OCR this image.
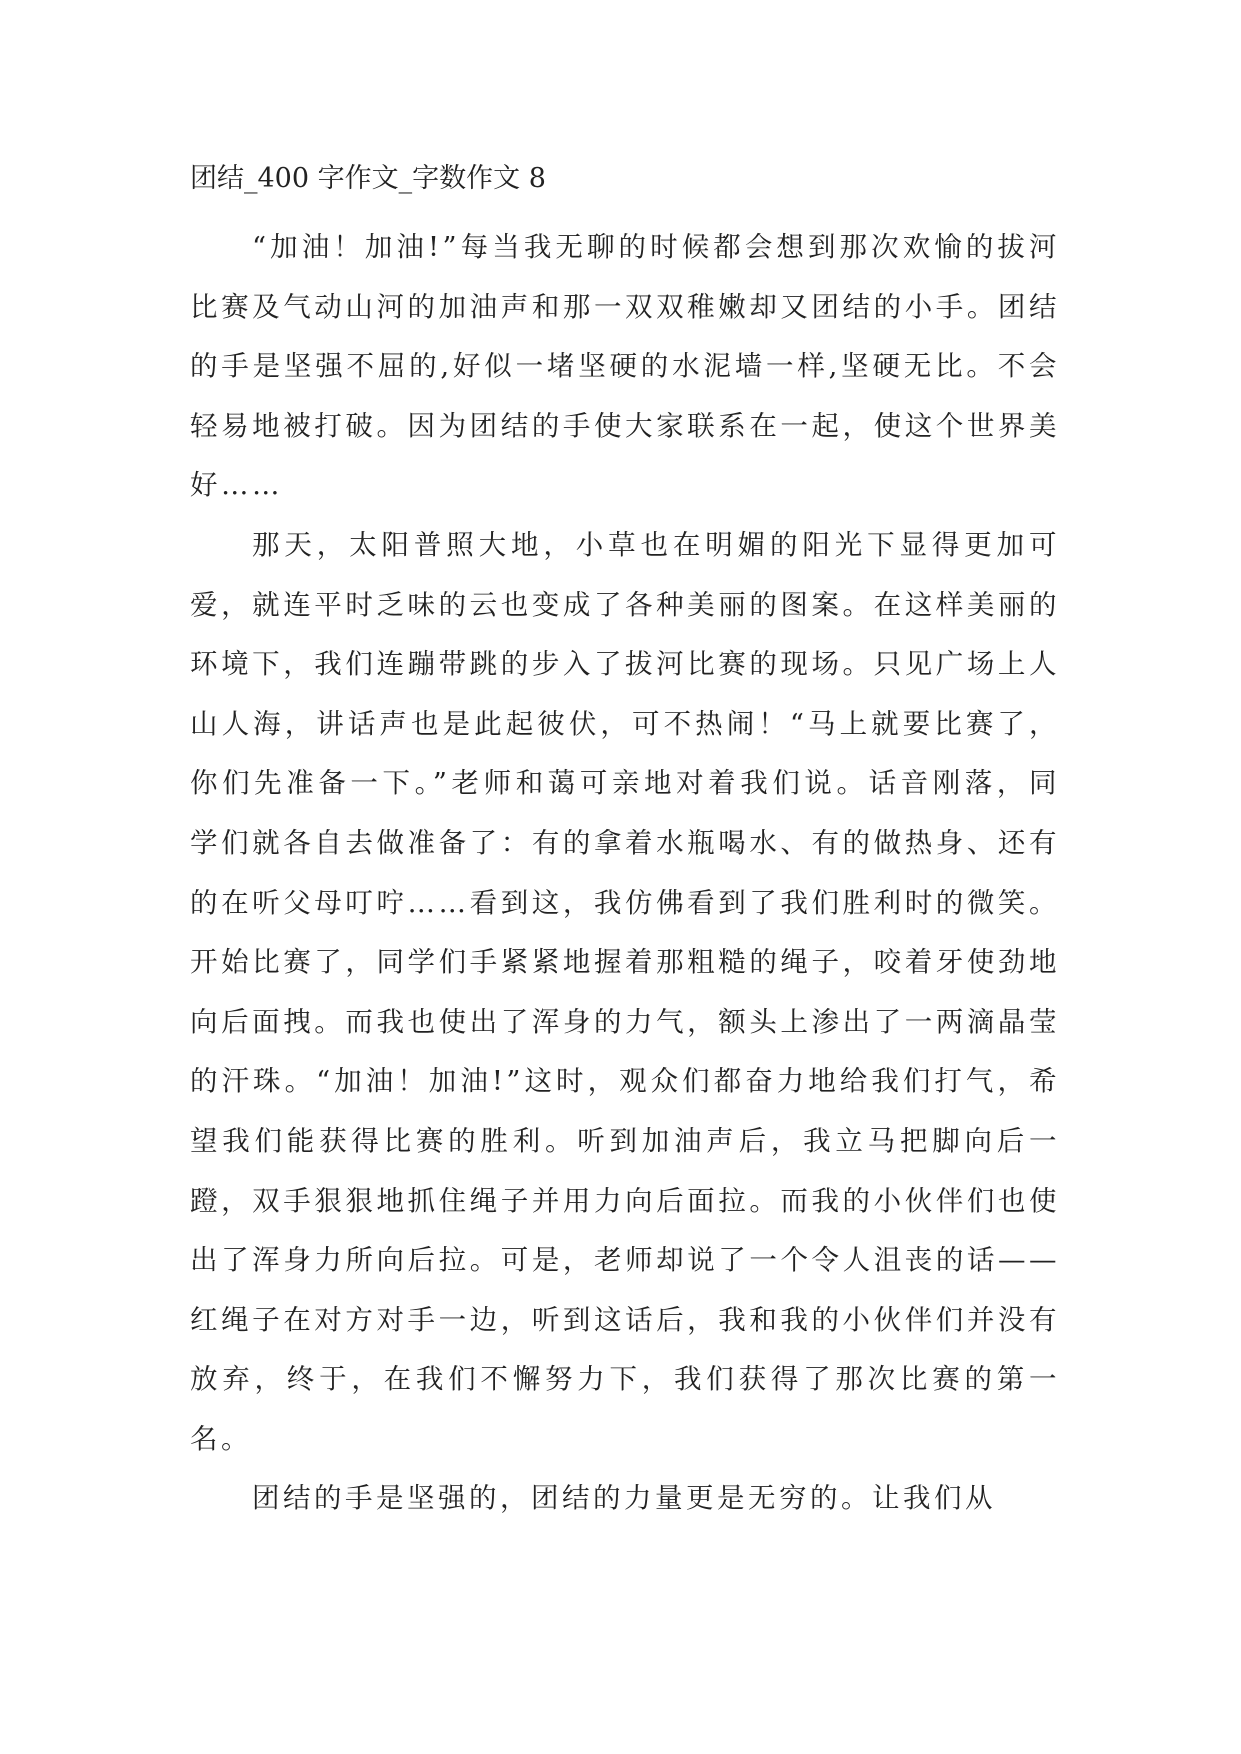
团结_400 字作文_字数作文 8

“加油！加油!”每当我无聊的时候都会想到那次欢愉的拔河比赛及气动山河的加油声和那一双双稚嫩却又团结的小手。团结的手是坚强不屈的,好似一堵坚硬的水泥墙一样,坚硬无比。不会轻易地被打破。因为团结的手使大家联系在一起，使这个世界美好……

那天，太阳普照大地，小草也在明媚的阳光下显得更加可爱，就连平时乏味的云也变成了各种美丽的图案。在这样美丽的环境下，我们连蹦带跳的步入了拔河比赛的现场。只见广场上人山人海，讲话声也是此起彼伏，可不热闹！“马上就要比赛了，你们先准备一下。”老师和蔼可亲地对着我们说。话音刚落，同学们就各自去做准备了：有的拿着水瓶喝水、有的做热身、还有的在听父母叮咛……看到这，我仿佛看到了我们胜利时的微笑。开始比赛了，同学们手紧紧地握着那粗糙的绳子，咬着牙使劲地向后面拽。而我也使出了浑身的力气，额头上渗出了一两滴晶莹的汗珠。“加油！加油!”这时，观众们都奋力地给我们打气，希望我们能获得比赛的胜利。听到加油声后，我立马把脚向后一蹬，双手狠狠地抓住绳子并用力向后面拉。而我的小伙伴们也使出了浑身力所向后拉。可是，老师却说了一个令人沮丧的话——红绳子在对方对手一边，听到这话后，我和我的小伙伴们并没有放弃，终于，在我们不懈努力下，我们获得了那次比赛的第一名。

团结的手是坚强的，团结的力量更是无穷的。让我们从
